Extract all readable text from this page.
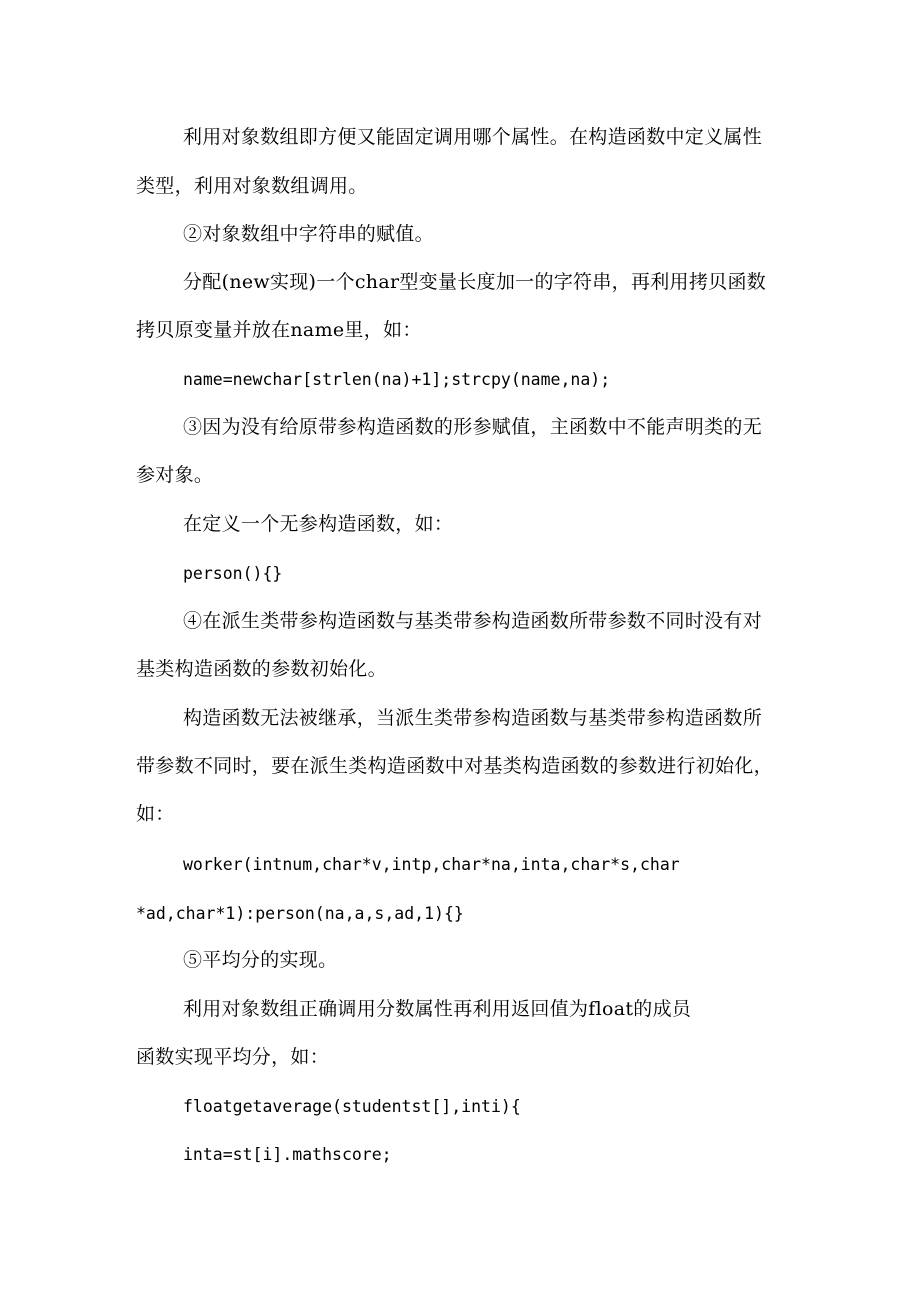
利用对象数组即方便又能固定调用哪个属性。在构造函数中定义属性
类型，利用对象数组调用。
②对象数组中字符串的赋值。
分配(new实现)一个char型变量长度加一的字符串，再利用拷贝函数
拷贝原变量并放在name里，如：
name=newchar[strlen(na)+1];strcpy(name,na);
③因为没有给原带参构造函数的形参赋值，主函数中不能声明类的无
参对象。
在定义一个无参构造函数，如：
person(){}
④在派生类带参构造函数与基类带参构造函数所带参数不同时没有对
基类构造函数的参数初始化。
构造函数无法被继承，当派生类带参构造函数与基类带参构造函数所
带参数不同时，要在派生类构造函数中对基类构造函数的参数进行初始化，
如：
worker(intnum,char*v,intp,char*na,inta,char*s,char
*ad,char*1):person(na,a,s,ad,1){}
⑤平均分的实现。
利用对象数组正确调用分数属性再利用返回值为float的成员
函数实现平均分，如：
floatgetaverage(studentst[],inti){
inta=st[i].mathscore;
